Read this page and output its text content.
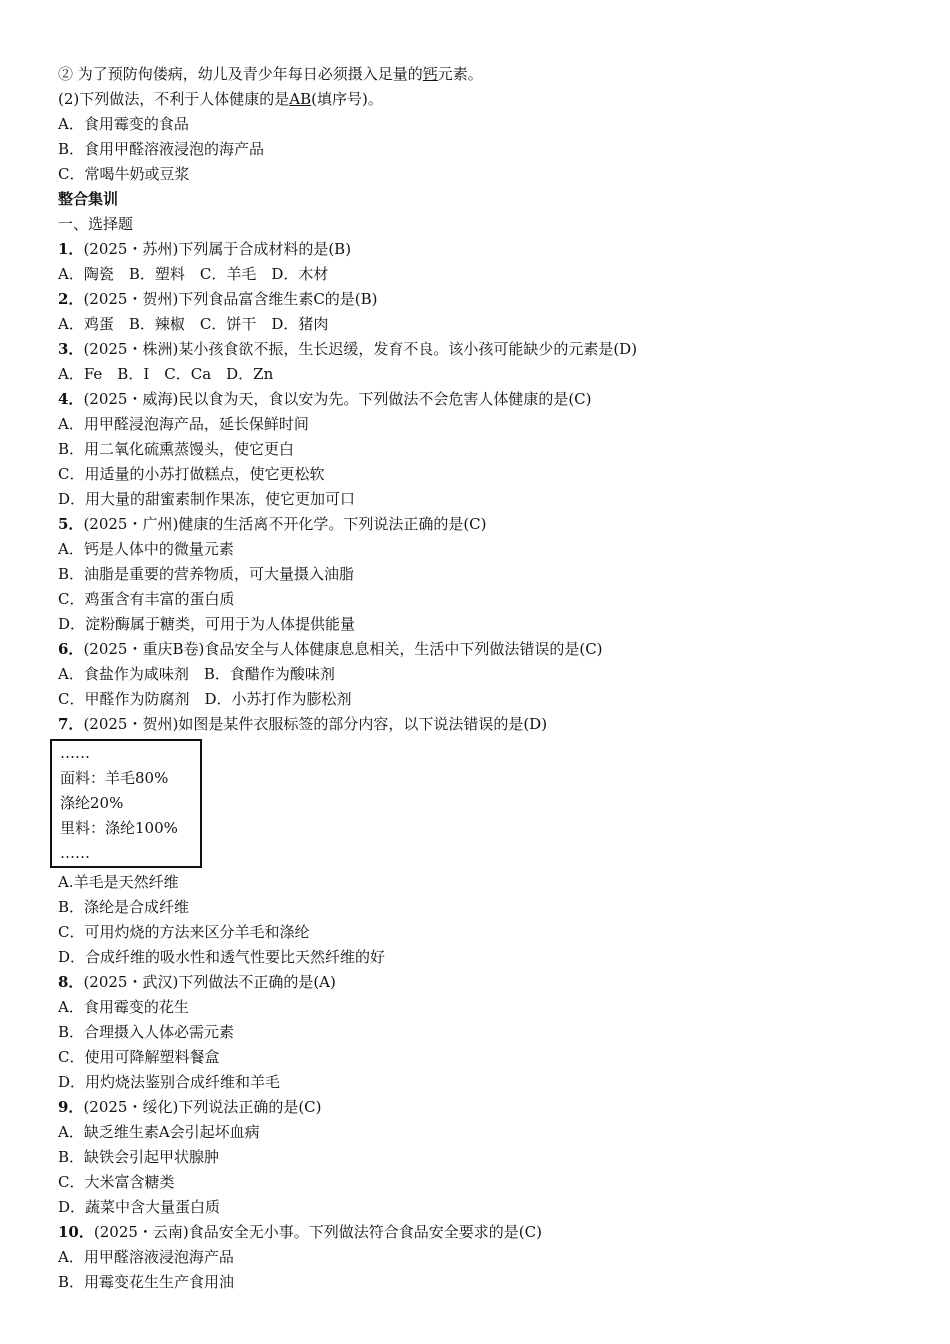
② 为了预防佝偻病，幼儿及青少年每日必须摄入足量的钙元素。
(2)下列做法，不利于人体健康的是AB(填序号)。
A．食用霉变的食品
B．食用甲醛溶液浸泡的海产品
C．常喝牛奶或豆浆
整合集训
一、选择题
1．(2025・苏州)下列属于合成材料的是(B)
A．陶瓷　B．塑料　C．羊毛　D．木材
2．(2025・贺州)下列食品富含维生素C的是(B)
A．鸡蛋　B．辣椒　C．饼干　D．猪肉
3．(2025・株洲)某小孩食欲不振，生长迟缓，发育不良。该小孩可能缺少的元素是(D)
A．Fe　B．I　C．Ca　D．Zn
4．(2025・威海)民以食为天，食以安为先。下列做法不会危害人体健康的是(C)
A．用甲醛浸泡海产品，延长保鲜时间
B．用二氧化硫熏蒸馒头，使它更白
C．用适量的小苏打做糕点，使它更松软
D．用大量的甜蜜素制作果冻，使它更加可口
5．(2025・广州)健康的生活离不开化学。下列说法正确的是(C)
A．钙是人体中的微量元素
B．油脂是重要的营养物质，可大量摄入油脂
C．鸡蛋含有丰富的蛋白质
D．淀粉酶属于糖类，可用于为人体提供能量
6．(2025・重庆B卷)食品安全与人体健康息息相关，生活中下列做法错误的是(C)
A．食盐作为咸味剂　B．食醋作为酸味剂
C．甲醛作为防腐剂　D．小苏打作为膨松剂
7．(2025・贺州)如图是某件衣服标签的部分内容，以下说法错误的是(D)
……
面料：羊毛80%
涤纶20%
里料：涤纶100%
……
A.羊毛是天然纤维
B．涤纶是合成纤维
C．可用灼烧的方法来区分羊毛和涤纶
D．合成纤维的吸水性和透气性要比天然纤维的好
8．(2025・武汉)下列做法不正确的是(A)
A．食用霉变的花生
B．合理摄入人体必需元素
C．使用可降解塑料餐盒
D．用灼烧法鉴别合成纤维和羊毛
9．(2025・绥化)下列说法正确的是(C)
A．缺乏维生素A会引起坏血病
B．缺铁会引起甲状腺肿
C．大米富含糖类
D．蔬菜中含大量蛋白质
10．(2025・云南)食品安全无小事。下列做法符合食品安全要求的是(C)
A．用甲醛溶液浸泡海产品
B．用霉变花生生产食用油
